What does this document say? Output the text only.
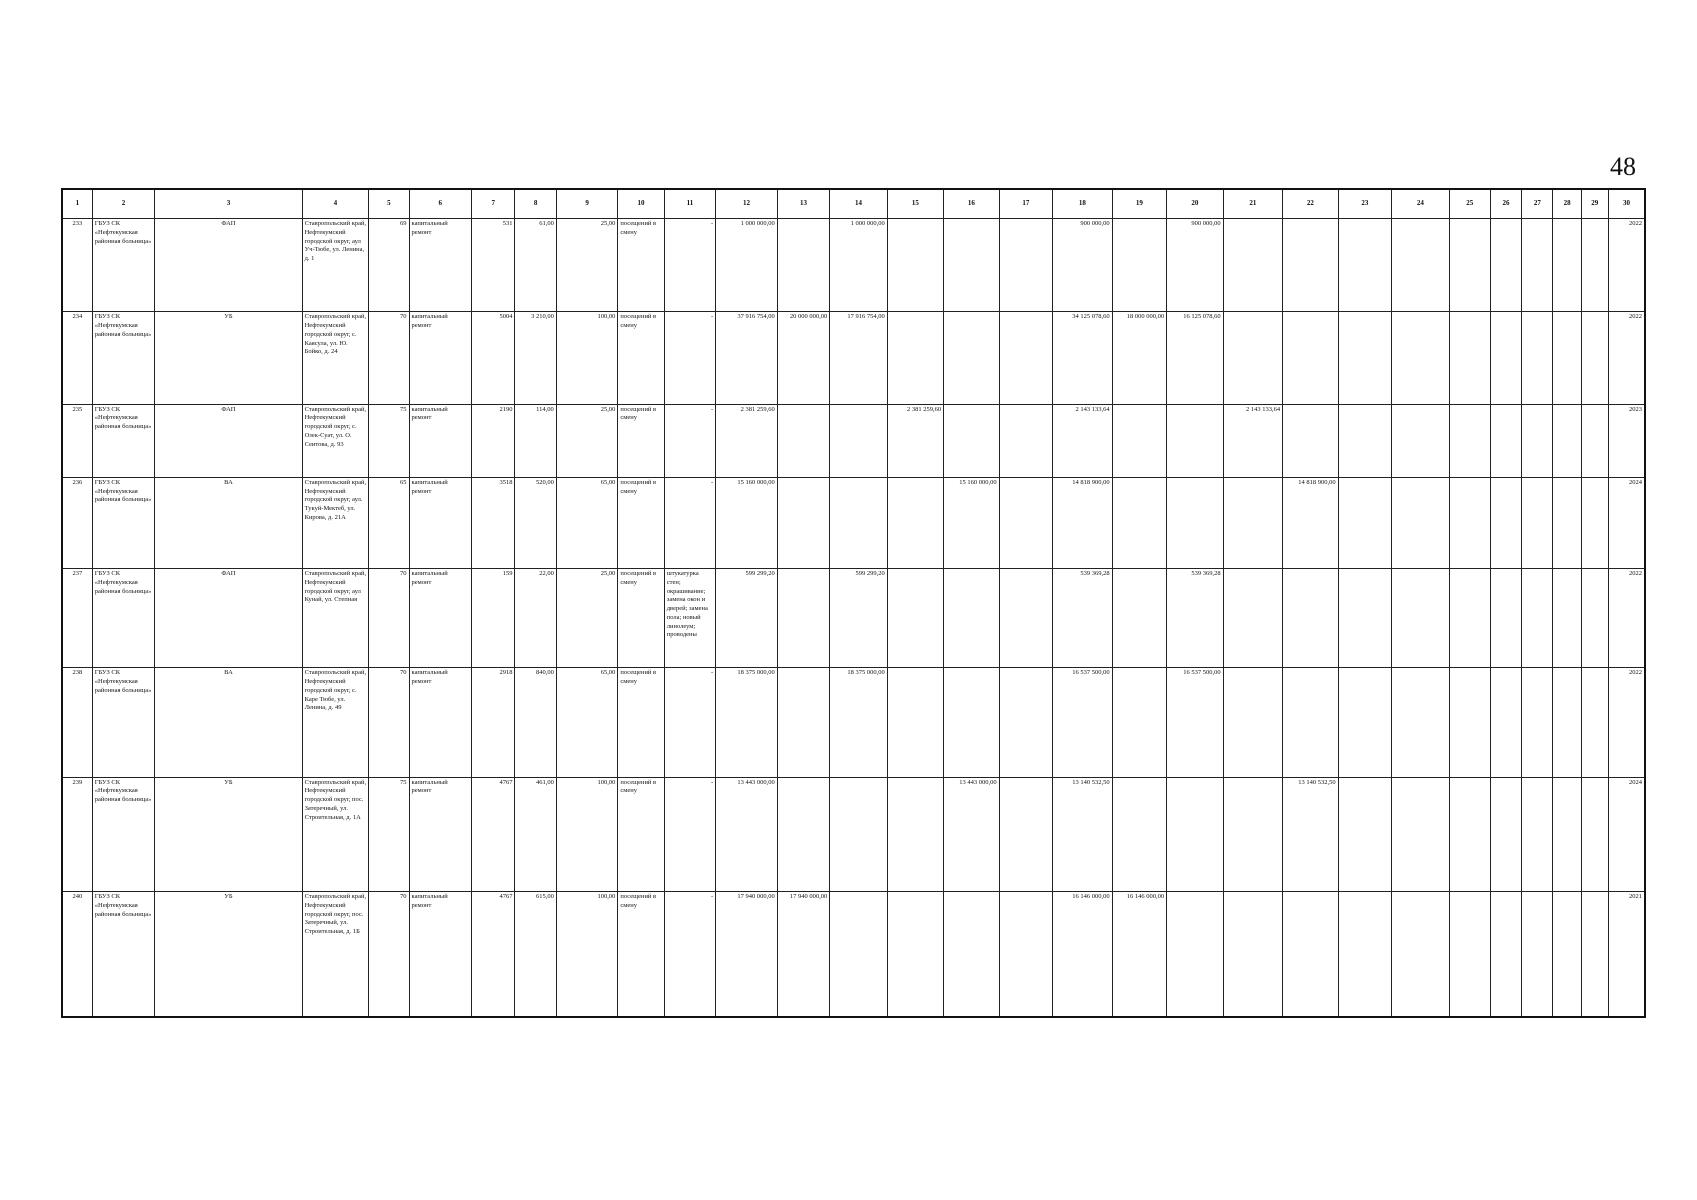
48
1	2	3	4	5	6	7	8	9	10	11	12	13	14	15	16	17	18	19	20	21	22	23	24	25	26	27	28	29	30
233	ГБУЗ СК «Нефтекумская районная больница»	ФАП	Ставропольский край, Нефтекумский городской округ, аул Уч-Тюбе, ул. Ленина, д. 1	69	капитальный ремонт	531	61,00	25,00	посещений в смену	-	1 000 000,00		1 000 000,00				900 000,00		900 000,00										2022
234	ГБУЗ СК «Нефтекумская районная больница»	УБ	Ставропольский край, Нефтекумский городской округ, с. Каясула, ул. Ю. Бойко, д. 24	70	капитальный ремонт	5004	3 210,00	100,00	посещений в смену	-	37 916 754,00	20 000 000,00	17 916 754,00				34 125 078,60	18 000 000,00	16 125 078,60										2022
235	ГБУЗ СК «Нефтекумская районная больница»	ФАП	Ставропольский край, Нефтекумский городской округ, с. Озек-Суат, ул. О. Сеитова, д. 93	75	капитальный ремонт	2190	114,00	25,00	посещений в смену	-	2 381 259,60			2 381 259,60			2 143 133,64			2 143 133,64									2023
236	ГБУЗ СК «Нефтекумская районная больница»	ВА	Ставропольский край, Нефтекумский городской округ, аул. Тукуй-Мектеб, ул. Кирова, д. 21А	65	капитальный ремонт	3518	520,00	65,00	посещений в смену	-	15 160 000,00				15 160 000,00		14 818 900,00				14 818 900,00								2024
237	ГБУЗ СК «Нефтекумская районная больница»	ФАП	Ставропольский край, Нефтекумский городской округ, аул Кунай, ул. Степная	70	капитальный ремонт	159	22,00	25,00	посещений в смену	штукатурка стен; окрашивание; замена окон и дверей; замена пола; новый линолеум; проводены	599 299,20		599 299,20				539 369,28		539 369,28										2022
238	ГБУЗ СК «Нефтекумская районная больница»	ВА	Ставропольский край, Нефтекумский городской округ, с. Каре Тюбе, ул. Ленина, д. 49	70	капитальный ремонт	2918	840,00	65,00	посещений в смену	-	18 375 000,00		18 375 000,00				16 537 500,00		16 537 500,00										2022
239	ГБУЗ СК «Нефтекумская районная больница»	УБ	Ставропольский край, Нефтекумский городской округ, пос. Затеречный, ул. Строительная, д. 1А	75	капитальный ремонт	4767	461,00	100,00	посещений в смену	-	13 443 000,00				13 443 000,00		13 140 532,50				13 140 532,50								2024
240	ГБУЗ СК «Нефтекумская районная больница»	УБ	Ставропольский край, Нефтекумский городской округ, пос. Затеречный, ул. Строительная, д. 1Б	70	капитальный ремонт	4767	615,00	100,00	посещений в смену	-	17 940 000,00	17 940 000,00					16 146 000,00	16 146 000,00											2021
